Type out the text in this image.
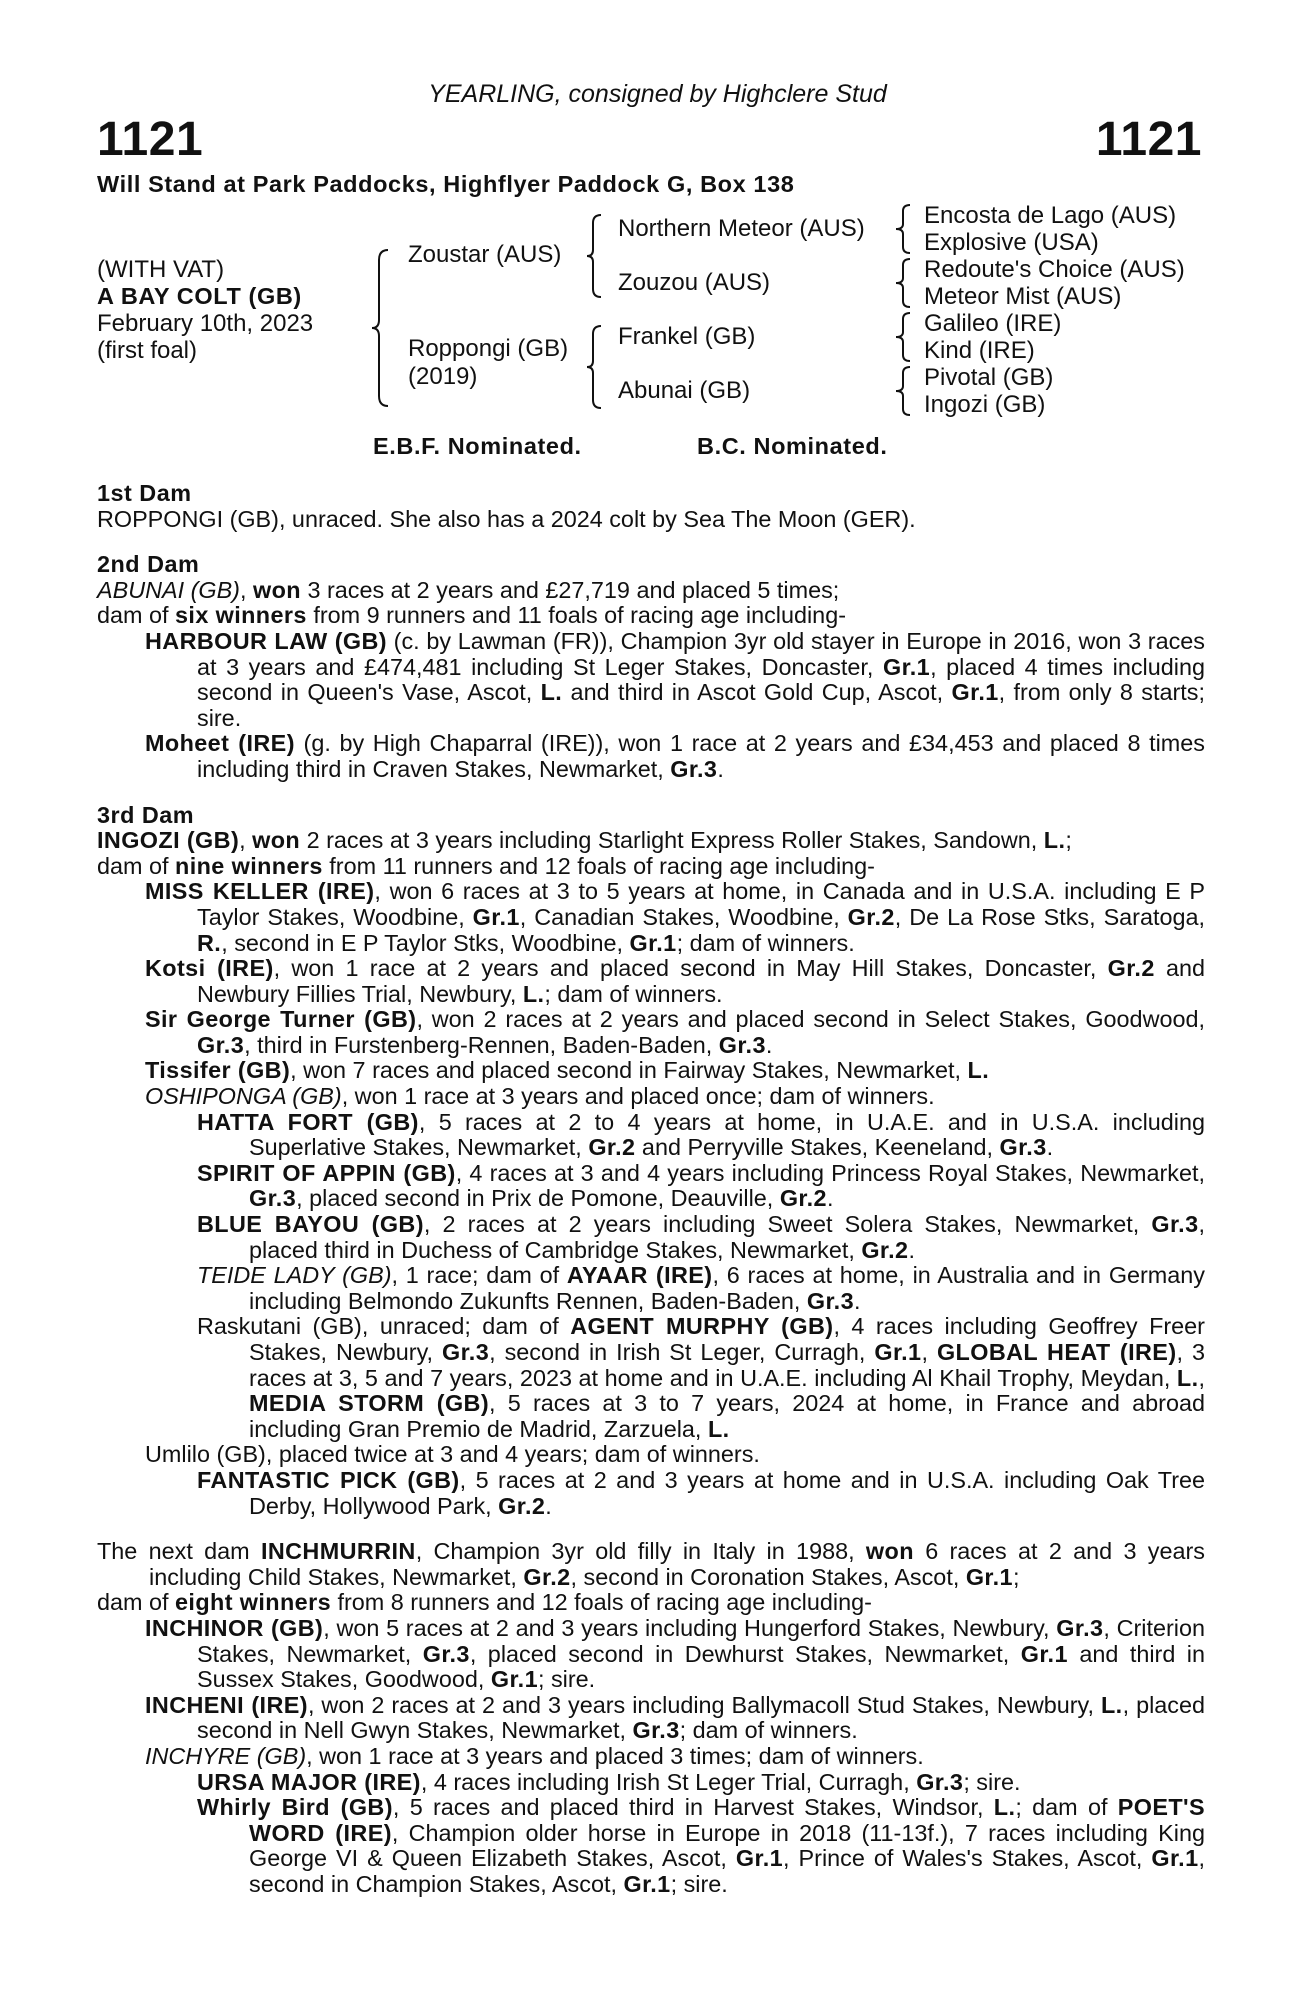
YEARLING, consigned by Highclere Stud
1121	1121
Will Stand at Park Paddocks, Highflyer Paddock G, Box 138
(WITH VAT)
A BAY COLT (GB)
February 10th, 2023
(first foal)
Zoustar (AUS)
Roppongi (GB)
(2019)
Northern Meteor (AUS)
Zouzou (AUS)
Frankel (GB)
Abunai (GB)
Encosta de Lago (AUS)
Explosive (USA)
Redoute's Choice (AUS)
Meteor Mist (AUS)
Galileo (IRE)
Kind (IRE)
Pivotal (GB)
Ingozi (GB)
E.B.F. Nominated.	B.C. Nominated.
1st Dam

ROPPONGI (GB), unraced. She also has a 2024 colt by Sea The Moon (GER).

2nd Dam

ABUNAI (GB), won 3 races at 2 years and £27,719 and placed 5 times;

dam of six winners from 9 runners and 11 foals of racing age including-

HARBOUR LAW (GB) (c. by Lawman (FR)), Champion 3yr old stayer in Europe in 2016, won 3 races at 3 years and £474,481 including St Leger Stakes, Doncaster, Gr.1, placed 4 times including second in Queen's Vase, Ascot, L. and third in Ascot Gold Cup, Ascot, Gr.1, from only 8 starts; sire.

Moheet (IRE) (g. by High Chaparral (IRE)), won 1 race at 2 years and £34,453 and placed 8 times including third in Craven Stakes, Newmarket, Gr.3.

3rd Dam

INGOZI (GB), won 2 races at 3 years including Starlight Express Roller Stakes, Sandown, L.;

dam of nine winners from 11 runners and 12 foals of racing age including-

MISS KELLER (IRE), won 6 races at 3 to 5 years at home, in Canada and in U.S.A. including E P Taylor Stakes, Woodbine, Gr.1, Canadian Stakes, Woodbine, Gr.2, De La Rose Stks, Saratoga, R., second in E P Taylor Stks, Woodbine, Gr.1; dam of winners.

Kotsi (IRE), won 1 race at 2 years and placed second in May Hill Stakes, Doncaster, Gr.2 and Newbury Fillies Trial, Newbury, L.; dam of winners.

Sir George Turner (GB), won 2 races at 2 years and placed second in Select Stakes, Goodwood, Gr.3, third in Furstenberg-Rennen, Baden-Baden, Gr.3.

Tissifer (GB), won 7 races and placed second in Fairway Stakes, Newmarket, L.

OSHIPONGA (GB), won 1 race at 3 years and placed once; dam of winners.

HATTA FORT (GB), 5 races at 2 to 4 years at home, in U.A.E. and in U.S.A. including Superlative Stakes, Newmarket, Gr.2 and Perryville Stakes, Keeneland, Gr.3.

SPIRIT OF APPIN (GB), 4 races at 3 and 4 years including Princess Royal Stakes, Newmarket, Gr.3, placed second in Prix de Pomone, Deauville, Gr.2.

BLUE BAYOU (GB), 2 races at 2 years including Sweet Solera Stakes, Newmarket, Gr.3, placed third in Duchess of Cambridge Stakes, Newmarket, Gr.2.

TEIDE LADY (GB), 1 race; dam of AYAAR (IRE), 6 races at home, in Australia and in Germany including Belmondo Zukunfts Rennen, Baden-Baden, Gr.3.

Raskutani (GB), unraced; dam of AGENT MURPHY (GB), 4 races including Geoffrey Freer Stakes, Newbury, Gr.3, second in Irish St Leger, Curragh, Gr.1, GLOBAL HEAT (IRE), 3 races at 3, 5 and 7 years, 2023 at home and in U.A.E. including Al Khail Trophy, Meydan, L., MEDIA STORM (GB), 5 races at 3 to 7 years, 2024 at home, in France and abroad including Gran Premio de Madrid, Zarzuela, L.

Umlilo (GB), placed twice at 3 and 4 years; dam of winners.

FANTASTIC PICK (GB), 5 races at 2 and 3 years at home and in U.S.A. including Oak Tree Derby, Hollywood Park, Gr.2.

The next dam INCHMURRIN, Champion 3yr old filly in Italy in 1988, won 6 races at 2 and 3 years including Child Stakes, Newmarket, Gr.2, second in Coronation Stakes, Ascot, Gr.1;

dam of eight winners from 8 runners and 12 foals of racing age including-

INCHINOR (GB), won 5 races at 2 and 3 years including Hungerford Stakes, Newbury, Gr.3, Criterion Stakes, Newmarket, Gr.3, placed second in Dewhurst Stakes, Newmarket, Gr.1 and third in Sussex Stakes, Goodwood, Gr.1; sire.

INCHENI (IRE), won 2 races at 2 and 3 years including Ballymacoll Stud Stakes, Newbury, L., placed second in Nell Gwyn Stakes, Newmarket, Gr.3; dam of winners.

INCHYRE (GB), won 1 race at 3 years and placed 3 times; dam of winners.

URSA MAJOR (IRE), 4 races including Irish St Leger Trial, Curragh, Gr.3; sire.

Whirly Bird (GB), 5 races and placed third in Harvest Stakes, Windsor, L.; dam of POET'S WORD (IRE), Champion older horse in Europe in 2018 (11-13f.), 7 races including King George VI & Queen Elizabeth Stakes, Ascot, Gr.1, Prince of Wales's Stakes, Ascot, Gr.1, second in Champion Stakes, Ascot, Gr.1; sire.
